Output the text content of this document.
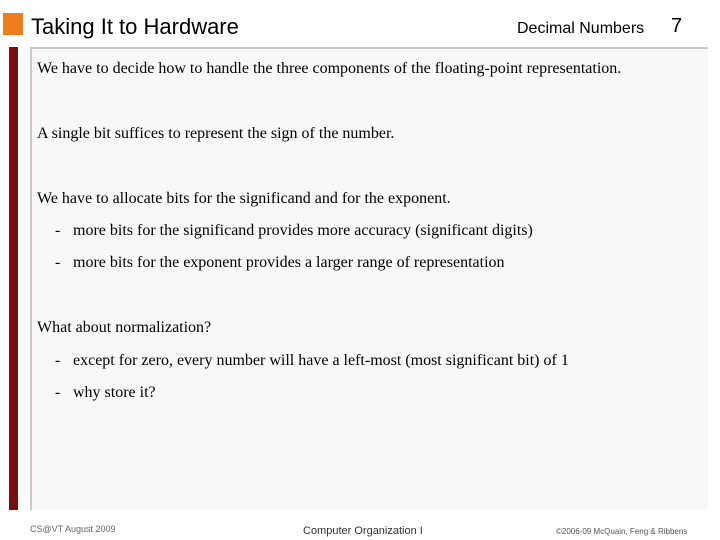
Taking It to Hardware	Decimal Numbers 7
We have to decide how to handle the three components of the floating-point representation.
A single bit suffices to represent the sign of the number.
We have to allocate bits for the significand and for the exponent.
- more bits for the significand provides more accuracy (significant digits)
- more bits for the exponent provides a larger range of representation
What about normalization?
- except for zero, every number will have a left-most (most significant bit) of 1
- why store it?
CS@VT August 2009	Computer Organization I	©2006-09 McQuain, Feng & Ribbens
